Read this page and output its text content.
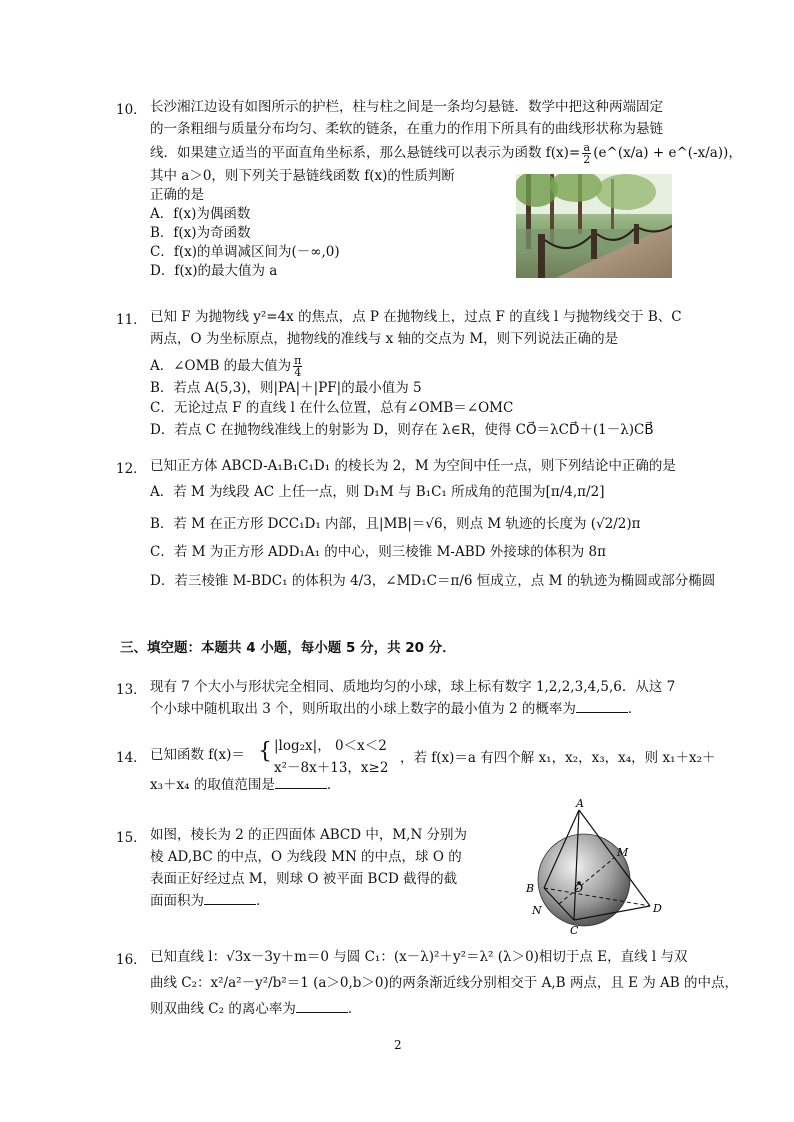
10． 长沙湘江边设有如图所示的护栏，柱与柱之间是一条均匀悬链．数学中把这种两端固定
的一条粗细与质量分布均匀、柔软的链条，在重力的作用下所具有的曲线形状称为悬链
线．如果建立适当的平面直角坐标系，那么悬链线可以表示为函数 $f(x)= \frac{a}{2}$ (e^(x/a) + e^(-x/a))，
其中 a＞0，则下列关于悬链线函数 f(x)的性质判断
正确的是
A．f(x)为偶函数
B．f(x)为奇函数
C．f(x)的单调减区间为(－∞,0)
D．f(x)的最大值为 a
11． 已知 F 为抛物线 y²=4x 的焦点，点 P 在抛物线上，过点 F 的直线 l 与抛物线交于 B、C
两点，O 为坐标原点，抛物线的准线与 x 轴的交点为 M，则下列说法正确的是
A．∠OMB 的最大值为 $\frac{\pi}{4}$
B．若点 A(5,3)，则|PA|＋|PF|的最小值为 5
C．无论过点 F 的直线 l 在什么位置，总有∠OMB＝∠OMC
D．若点 C 在抛物线准线上的射影为 D，则存在 λ∈R，使得 CO⃗＝λCD⃗＋(1－λ)CB⃗
12． 已知正方体 ABCD-A₁B₁C₁D₁ 的棱长为 2，M 为空间中任一点，则下列结论中正确的是
A．若 M 为线段 AC 上任一点，则 D₁M 与 B₁C₁ 所成角的范围为[π/4,π/2]
B．若 M 在正方形 DCC₁D₁ 内部，且|MB|＝√6，则点 M 轨迹的长度为 (√2/2)π
C．若 M 为正方形 ADD₁A₁ 的中心，则三棱锥 M-ABD 外接球的体积为 8π
D．若三棱锥 M-BDC₁ 的体积为 4/3，∠MD₁C＝π/6 恒成立，点 M 的轨迹为椭圆或部分椭圆
三、填空题：本题共 4 小题，每小题 5 分，共 20 分．
13． 现有 7 个大小与形状完全相同、质地均匀的小球，球上标有数字 1,2,2,3,4,5,6．从这 7
个小球中随机取出 3 个，则所取出的小球上数字的最小值为 2 的概率为	．
14． 已知函数 f(x)＝ { |log₂x|， 0＜x＜2
x²－8x＋13，x≥2
，若 f(x)＝a 有四个解 x₁，x₂，x₃，x₄，则 x₁＋x₂＋
x₃＋x₄ 的取值范围是	．
15． 如图，棱长为 2 的正四面体 ABCD 中，M,N 分别为
棱 AD,BC 的中点，O 为线段 MN 的中点，球 O 的
表面正好经过点 M，则球 O 被平面 BCD 截得的截
面面积为	．
A
M
B	O
N
C
D
16． 已知直线 l：√3x－3y＋m＝0 与圆 C₁：(x－λ)²＋y²＝λ² (λ＞0)相切于点 E，直线 l 与双
曲线 C₂：x²/a²－y²/b²＝1 (a＞0,b＞0)的两条渐近线分别相交于 A,B 两点，且 E 为 AB 的中点，
则双曲线 C₂ 的离心率为	．
2
